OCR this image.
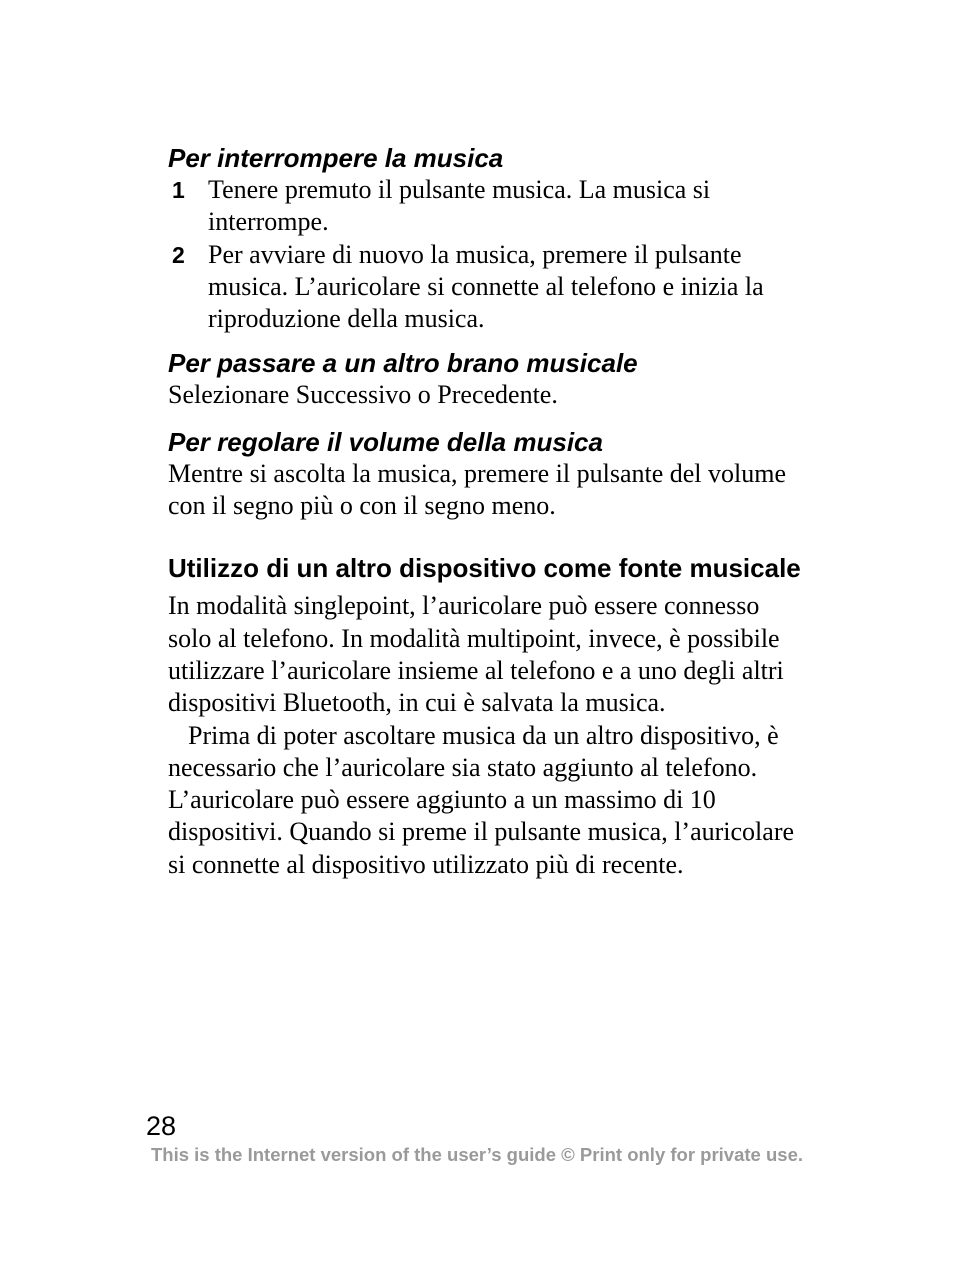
Per interrompere la musica
1 Tenere premuto il pulsante musica. La musica si interrompe.
2 Per avviare di nuovo la musica, premere il pulsante musica. L’auricolare si connette al telefono e inizia la riproduzione della musica.
Per passare a un altro brano musicale

Selezionare Successivo o Precedente.

Per regolare il volume della musica

Mentre si ascolta la musica, premere il pulsante del volume con il segno più o con il segno meno.

Utilizzo di un altro dispositivo come fonte musicale

In modalità singlepoint, l’auricolare può essere connesso solo al telefono. In modalità multipoint, invece, è possibile utilizzare l’auricolare insieme al telefono e a uno degli altri dispositivi Bluetooth, in cui è salvata la musica.

Prima di poter ascoltare musica da un altro dispositivo, è necessario che l’auricolare sia stato aggiunto al telefono. L’auricolare può essere aggiunto a un massimo di 10 dispositivi. Quando si preme il pulsante musica, l’auricolare si connette al dispositivo utilizzato più di recente.

28
This is the Internet version of the user’s guide © Print only for private use.
